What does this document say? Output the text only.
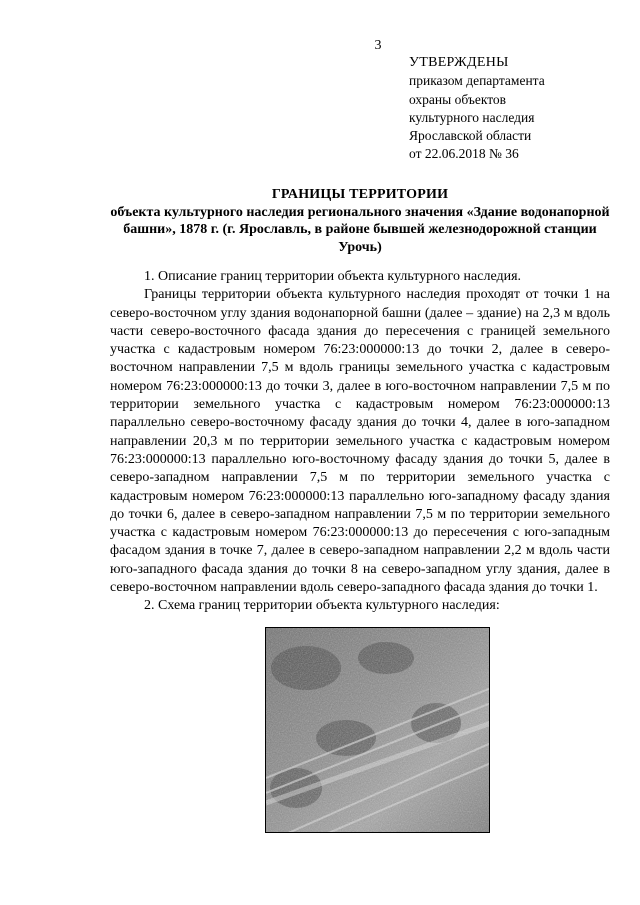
3
УТВЕРЖДЕНЫ
приказом департамента
охраны объектов
культурного наследия
Ярославской области
от 22.06.2018 № 36
ГРАНИЦЫ ТЕРРИТОРИИ
объекта культурного наследия регионального значения «Здание водонапорной башни», 1878 г. (г. Ярославль, в районе бывшей железнодорожной станции Урочь)

1. Описание границ территории объекта культурного наследия.

Границы территории объекта культурного наследия проходят от точки 1 на северо-восточном углу здания водонапорной башни (далее – здание) на 2,3 м вдоль части северо-восточного фасада здания до пересечения с границей земельного участка с кадастровым номером 76:23:000000:13 до точки 2, далее в северо-восточном направлении 7,5 м вдоль границы земельного участка с кадастровым номером 76:23:000000:13 до точки 3, далее в юго-восточном направлении 7,5 м по территории земельного участка с кадастровым номером 76:23:000000:13 параллельно северо-восточному фасаду здания до точки 4, далее в юго-западном направлении 20,3 м по территории земельного участка с кадастровым номером 76:23:000000:13 параллельно юго-восточному фасаду здания до точки 5, далее в северо-западном направлении 7,5 м по территории земельного участка с кадастровым номером 76:23:000000:13 параллельно юго-западному фасаду здания до точки 6, далее в северо-западном направлении 7,5 м по территории земельного участка с кадастровым номером 76:23:000000:13 до пересечения с юго-западным фасадом здания в точке 7, далее в северо-западном направлении 2,2 м вдоль части юго-западного фасада здания до точки 8 на северо-западном углу здания, далее в северо-восточном направлении вдоль северо-западного фасада здания до точки 1.

2. Схема границ территории объекта культурного наследия:
